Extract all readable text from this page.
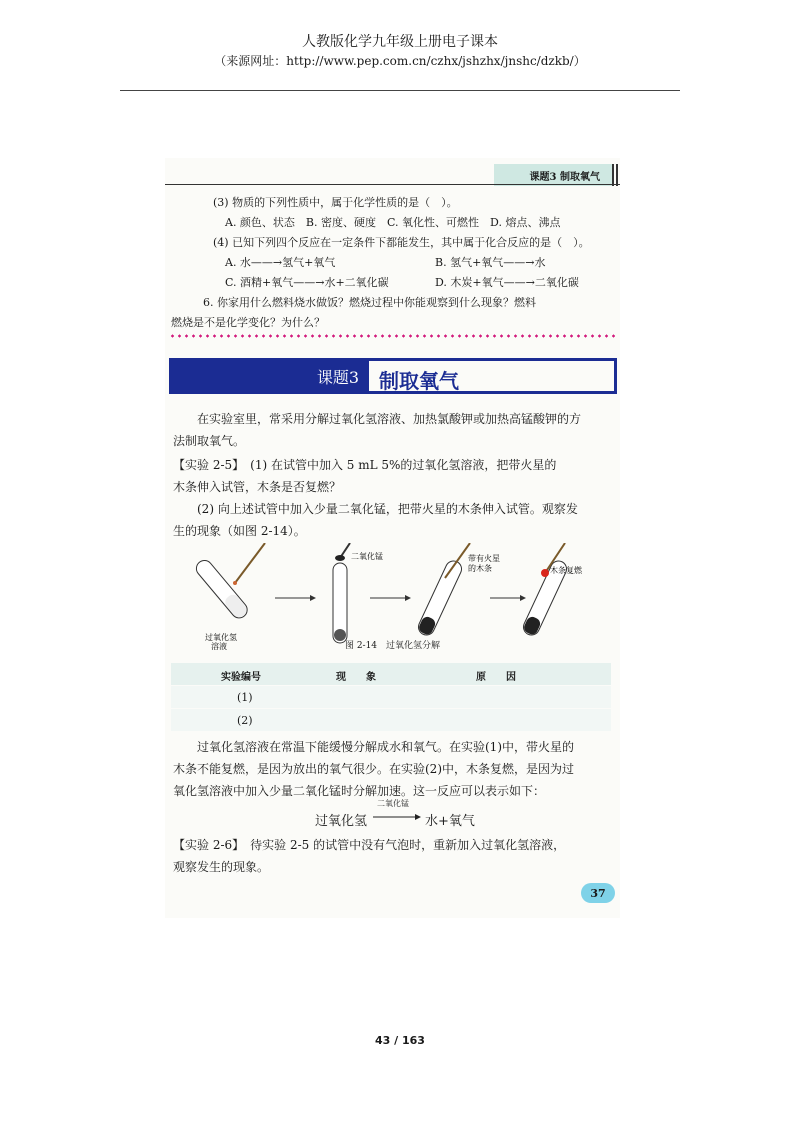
人教版化学九年级上册电子课本
（来源网址：http://www.pep.com.cn/czhx/jshzhx/jnshc/dzkb/）
课题3 制取氧气
(3) 物质的下列性质中，属于化学性质的是（　）。
A. 颜色、状态　B. 密度、硬度　C. 氧化性、可燃性　D. 熔点、沸点
(4) 已知下列四个反应在一定条件下都能发生，其中属于化合反应的是（　）。
A. 水——→氢气+氧气	B. 氢气+氧气——→水
C. 酒精+氧气——→水+二氧化碳	D. 木炭+氧气——→二氧化碳
6. 你家用什么燃料烧水做饭？燃烧过程中你能观察到什么现象？燃料
燃烧是不是化学变化？为什么？
课题3	制取氧气
在实验室里，常采用分解过氧化氢溶液、加热氯酸钾或加热高锰酸钾的方
法制取氧气。
【实验 2-5】　(1) 在试管中加入 5 mL 5%的过氧化氢溶液，把带火星的
木条伸入试管，木条是否复燃？
(2) 向上述试管中加入少量二氧化锰，把带火星的木条伸入试管。观察发
生的现象（如图 2-14）。
过氧化氢
溶液
二氧化锰	带有火星
的木条	木条复燃
图 2-14　过氧化氢分解
实验编号	现　　象	原　　因
(1)
(2)
过氧化氢溶液在常温下能缓慢分解成水和氧气。在实验(1)中，带火星的
木条不能复燃，是因为放出的氧气很少。在实验(2)中，木条复燃，是因为过
氧化氢溶液中加入少量二氧化锰时分解加速。这一反应可以表示如下：
过氧化氢
二氧化锰
→ 水+氧气
【实验 2-6】　待实验 2-5 的试管中没有气泡时，重新加入过氧化氢溶液，
观察发生的现象。
37
43 / 163
